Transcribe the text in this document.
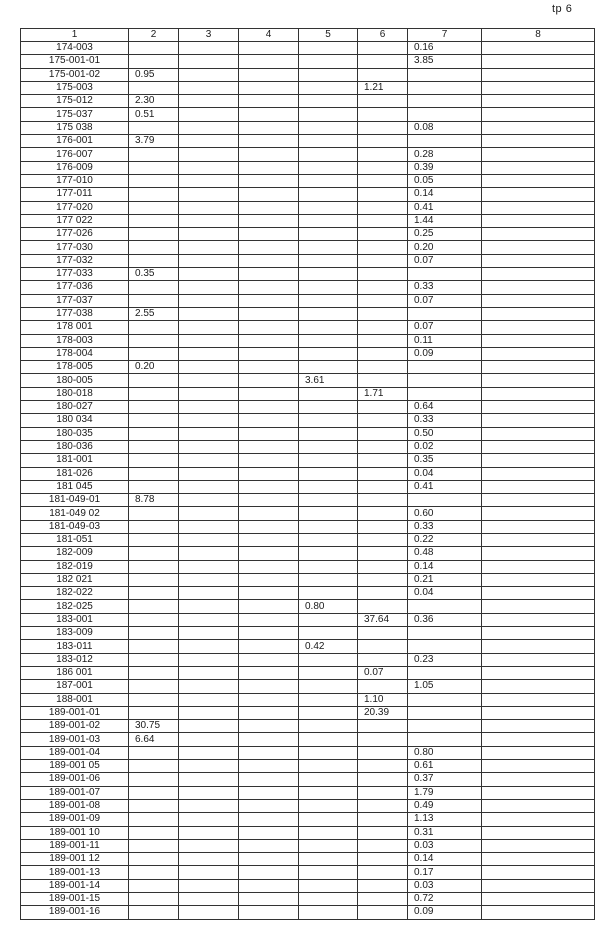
tp 6
1	2	3	4	5	6	7	8
174-003						0.16	
175-001-01						3.85	
175-001-02	0.95						
175-003					1.21		
175-012	2.30						
175-037	0.51						
175 038						0.08	
176-001	3.79						
176-007						0.28	
176-009						0.39	
177-010						0.05	
177-011						0.14	
177-020						0.41	
177 022						1.44	
177-026						0.25	
177-030						0.20	
177-032						0.07	
177-033	0.35						
177-036						0.33	
177-037						0.07	
177-038	2.55						
178 001						0.07	
178-003						0.11	
178-004						0.09	
178-005	0.20						
180-005				3.61			
180-018					1.71		
180-027						0.64	
180 034						0.33	
180-035						0.50	
180-036						0.02	
181-001						0.35	
181-026						0.04	
181 045						0.41	
181-049-01	8.78						
181-049 02						0.60	
181-049-03						0.33	
181-051						0.22	
182-009						0.48	
182-019						0.14	
182 021						0.21	
182-022						0.04	
182-025				0.80			
183-001					37.64	0.36	
183-009							
183-011				0.42			
183-012						0.23	
186 001					0.07		
187-001						1.05	
188-001					1.10		
189-001-01					20.39		
189-001-02	30.75						
189-001-03	6.64						
189-001-04						0.80	
189-001 05						0.61	
189-001-06						0.37	
189-001-07						1.79	
189-001-08						0.49	
189-001-09						1.13	
189-001 10						0.31	
189-001-11						0.03	
189-001 12						0.14	
189-001-13						0.17	
189-001-14						0.03	
189-001-15						0.72	
189-001-16						0.09	
